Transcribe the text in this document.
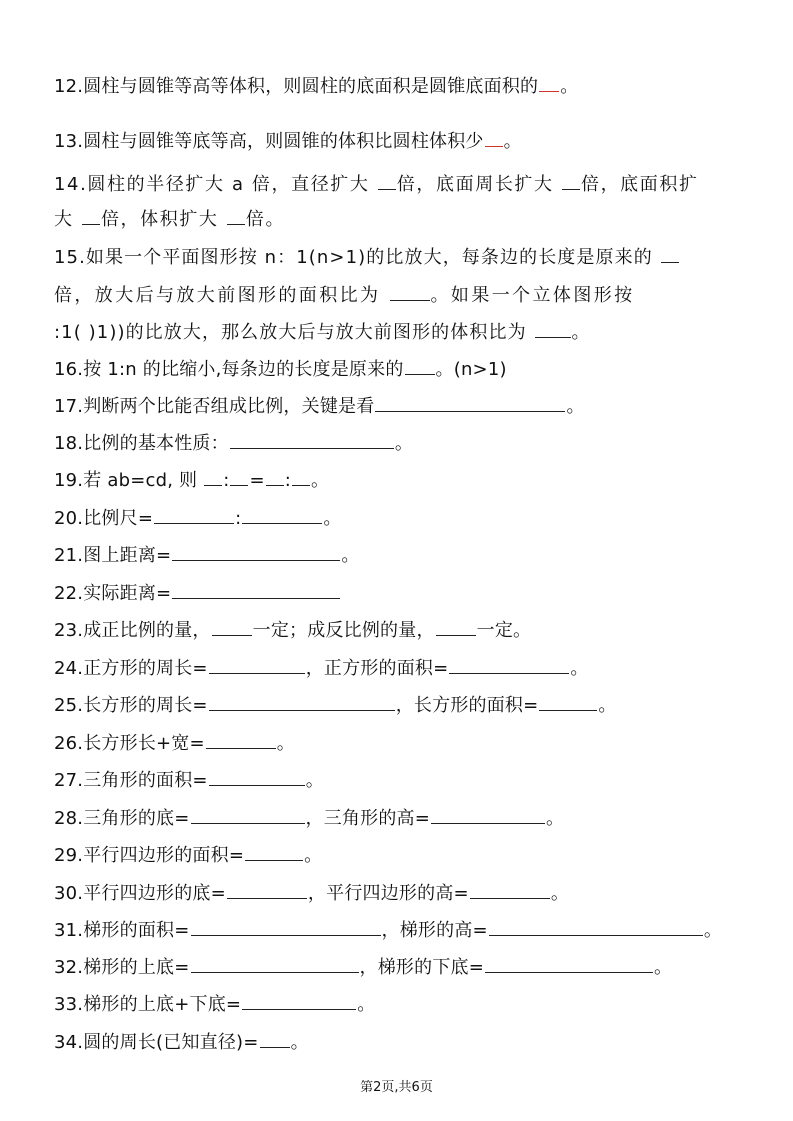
12.圆柱与圆锥等高等体积，则圆柱的底面积是圆锥底面积的 。
13.圆柱与圆锥等底等高，则圆锥的体积比圆柱体积少 。
14.圆柱的半径扩大 a 倍，直径扩大 倍，底面周长扩大 倍，底面积扩
大 倍，体积扩大 倍。
15.如果一个平面图形按 n：1(n>1)的比放大，每条边的长度是原来的
倍，放大后与放大前图形的面积比为	。如果一个立体图形按
:1( )1))的比放大，那么放大后与放大前图形的体积比为 。
16.按 1:n 的比缩小,每条边的长度是原来的 。(n>1)
17.判断两个比能否组成比例，关键是看	。
18.比例的基本性质：	。
19.若 ab=cd, 则 : = : 。
20.比例尺=	:	。
21.图上距离=	。
22.实际距离=
23.成正比例的量， 一定；成反比例的量， 一定。
24.正方形的周长=	，正方形的面积=	。
25.长方形的周长=	，长方形的面积=	。
26.长方形长+宽=	。
27.三角形的面积=	。
28.三角形的底=	，三角形的高=	。
29.平行四边形的面积=	。
30.平行四边形的底=	，平行四边形的高=	。
31.梯形的面积=	，梯形的高=	。
32.梯形的上底=	，梯形的下底=	。
33.梯形的上底+下底=	。
34.圆的周长(已知直径)= 。
第2页,共6页
